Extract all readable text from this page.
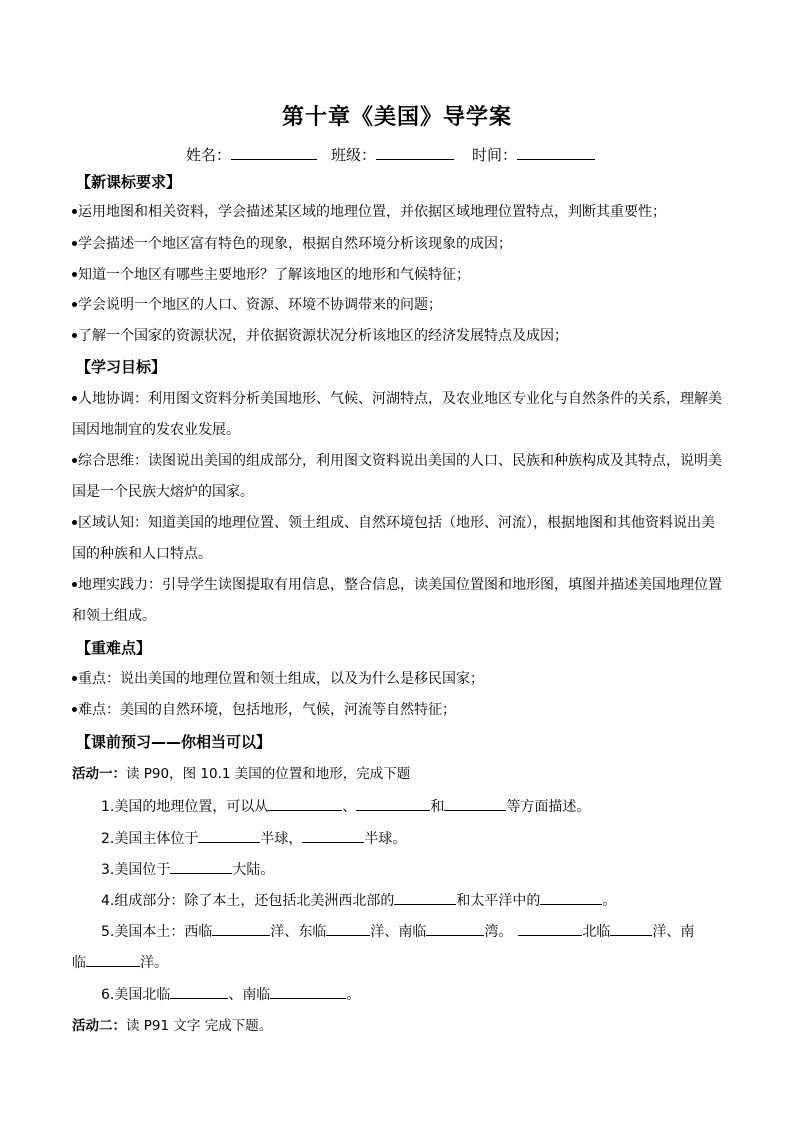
第十章《美国》导学案
姓名：	班级：	时间：
【新课标要求】
运用地图和相关资料，学会描述某区域的地理位置，并依据区域地理位置特点，判断其重要性；
学会描述一个地区富有特色的现象，根据自然环境分析该现象的成因；
知道一个地区有哪些主要地形？了解该地区的地形和气候特征；
学会说明一个地区的人口、资源、环境不协调带来的问题；
了解一个国家的资源状况，并依据资源状况分析该地区的经济发展特点及成因；
【学习目标】
人地协调：利用图文资料分析美国地形、气候、河湖特点，及农业地区专业化与自然条件的关系，理解美
国因地制宜的发农业发展。
综合思维：读图说出美国的组成部分，利用图文资料说出美国的人口、民族和种族构成及其特点，说明美
国是一个民族大熔炉的国家。
区域认知：知道美国的地理位置、领土组成、自然环境包括（地形、河流），根据地图和其他资料说出美
国的种族和人口特点。
地理实践力：引导学生读图提取有用信息，整合信息，读美国位置图和地形图，填图并描述美国地理位置
和领土组成。
【重难点】
重点：说出美国的地理位置和领土组成，以及为什么是移民国家；
难点：美国的自然环境，包括地形，气候，河流等自然特征；
【课前预习——你相当可以】
活动一：读 P90，图 10.1 美国的位置和地形，完成下题
1.美国的地理位置，可以从	、	和	等方面描述。
2.美国主体位于	半球，	半球。
3.美国位于	大陆。
4.组成部分：除了本土，还包括北美洲西北部的	和太平洋中的	。
5.美国本土：西临	洋、东临	洋、南临	湾。	北临	洋、南
临	洋。
6.美国北临	、南临	。
活动二：读 P91 文字 完成下题。
